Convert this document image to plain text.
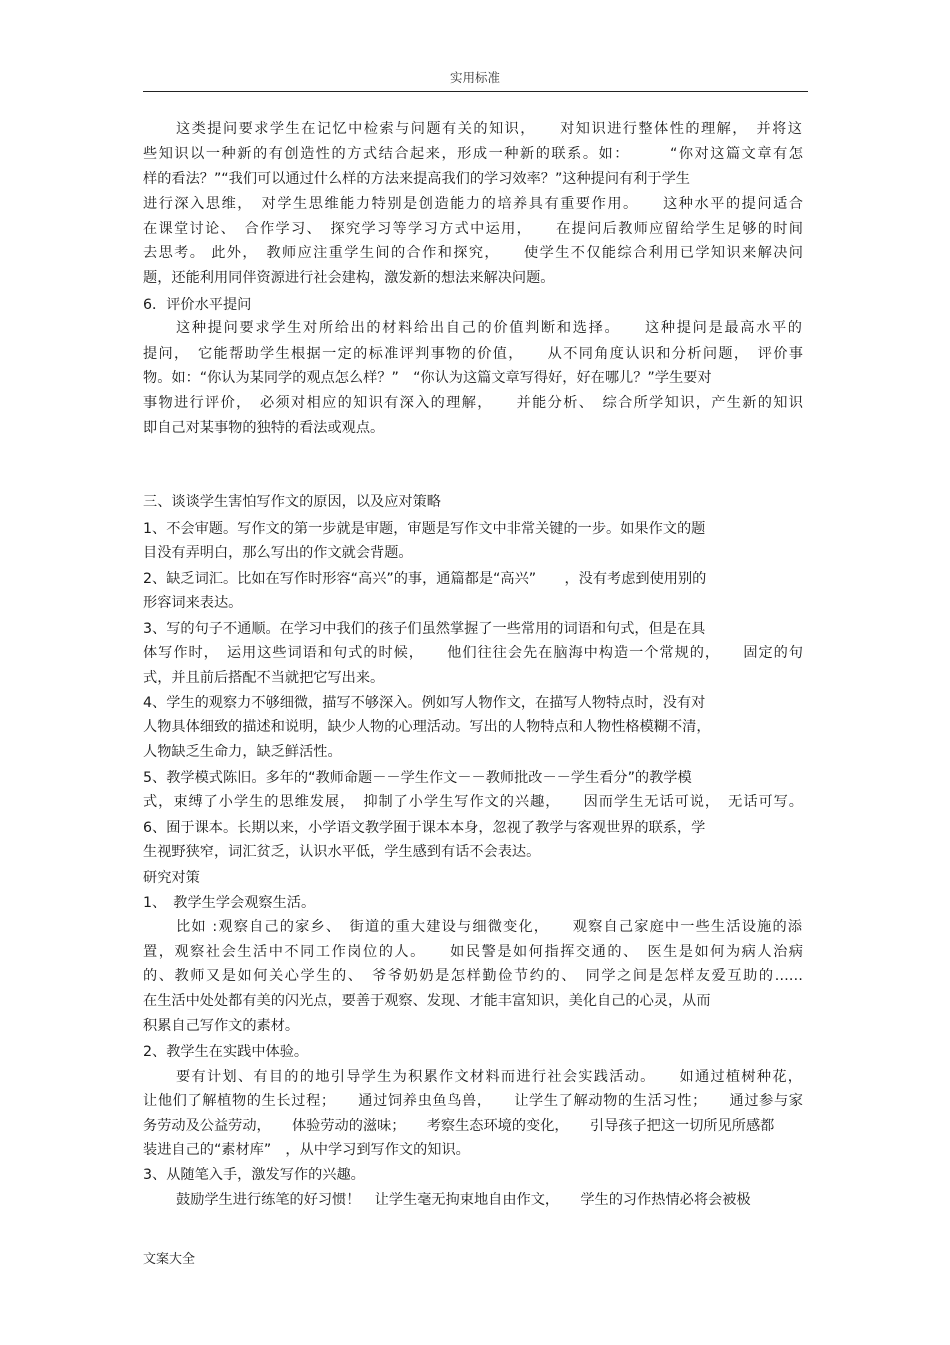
实用标准
这类提问要求学生在记忆中检索与问题有关的知识，　　对知识进行整体性的理解，　并将这
些知识以一种新的有创造性的方式结合起来，形成一种新的联系。如：　　　“你对这篇文章有怎
样的看法？”“我们可以通过什么样的方法来提高我们的学习效率？”这种提问有利于学生
进行深入思维，　对学生思维能力特别是创造能力的培养具有重要作用。　　这种水平的提问适合
在课堂讨论、　合作学习、　探究学习等学习方式中运用，　　在提问后教师应留给学生足够的时间
去思考。 此外，　教师应注重学生间的合作和探究，　　使学生不仅能综合利用已学知识来解决问
题，还能利用同伴资源进行社会建构，激发新的想法来解决问题。
6．评价水平提问
这种提问要求学生对所给出的材料给出自己的价值判断和选择。　　这种提问是最高水平的
提问，　它能帮助学生根据一定的标准评判事物的价值，　　从不同角度认识和分析问题，　评价事
物。如：“你认为某同学的观点怎么样？”　“你认为这篇文章写得好，好在哪儿？”学生要对
事物进行评价，　必须对相应的知识有深入的理解，　　并能分析、　综合所学知识，产生新的知识
即自己对某事物的独特的看法或观点。
三、谈谈学生害怕写作文的原因，以及应对策略
1、不会审题。写作文的第一步就是审题，审题是写作文中非常关键的一步。如果作文的题
目没有弄明白，那么写出的作文就会背题。
2、缺乏词汇。比如在写作时形容“高兴”的事，通篇都是“高兴”　　，没有考虑到使用别的
形容词来表达。
3、写的句子不通顺。在学习中我们的孩子们虽然掌握了一些常用的词语和句式，但是在具
体写作时，　运用这些词语和句式的时候，　　他们往往会先在脑海中构造一个常规的，　　固定的句
式，并且前后搭配不当就把它写出来。
4、学生的观察力不够细微，描写不够深入。例如写人物作文，在描写人物特点时，没有对
人物具体细致的描述和说明，缺少人物的心理活动。写出的人物特点和人物性格模糊不清，
人物缺乏生命力，缺乏鲜活性。
5、教学模式陈旧。多年的“教师命题－－学生作文－－教师批改－－学生看分”的教学模
式，束缚了小学生的思维发展，　抑制了小学生写作文的兴趣，　　因而学生无话可说，　无话可写。
6、囿于课本。长期以来，小学语文教学囿于课本本身，忽视了教学与客观世界的联系，学
生视野狭窄，词汇贫乏，认识水平低，学生感到有话不会表达。
研究对策
1、　教学生学会观察生活。
比如 :观察自己的家乡、　街道的重大建设与细微变化，　　观察自己家庭中一些生活设施的添
置，观察社会生活中不同工作岗位的人。　　如民警是如何指挥交通的、　医生是如何为病人治病
的、教师又是如何关心学生的、　爷爷奶奶是怎样勤俭节约的、　同学之间是怎样友爱互助的……
在生活中处处都有美的闪光点，要善于观察、发现、才能丰富知识，美化自己的心灵，从而
积累自己写作文的素材。
2、教学生在实践中体验。
要有计划、有目的的地引导学生为积累作文材料而进行社会实践活动。　　如通过植树种花，
让他们了解植物的生长过程；　　通过饲养虫鱼鸟兽，　　让学生了解动物的生活习性；　　通过参与家
务劳动及公益劳动，　　体验劳动的滋味；　　考察生态环境的变化，　　引导孩子把这一切所见所感都
装进自己的“素材库”　，从中学习到写作文的知识。
3、从随笔入手，激发写作的兴趣。
鼓励学生进行练笔的好习惯！　让学生毫无拘束地自由作文，　　学生的习作热情必将会被极
文案大全
